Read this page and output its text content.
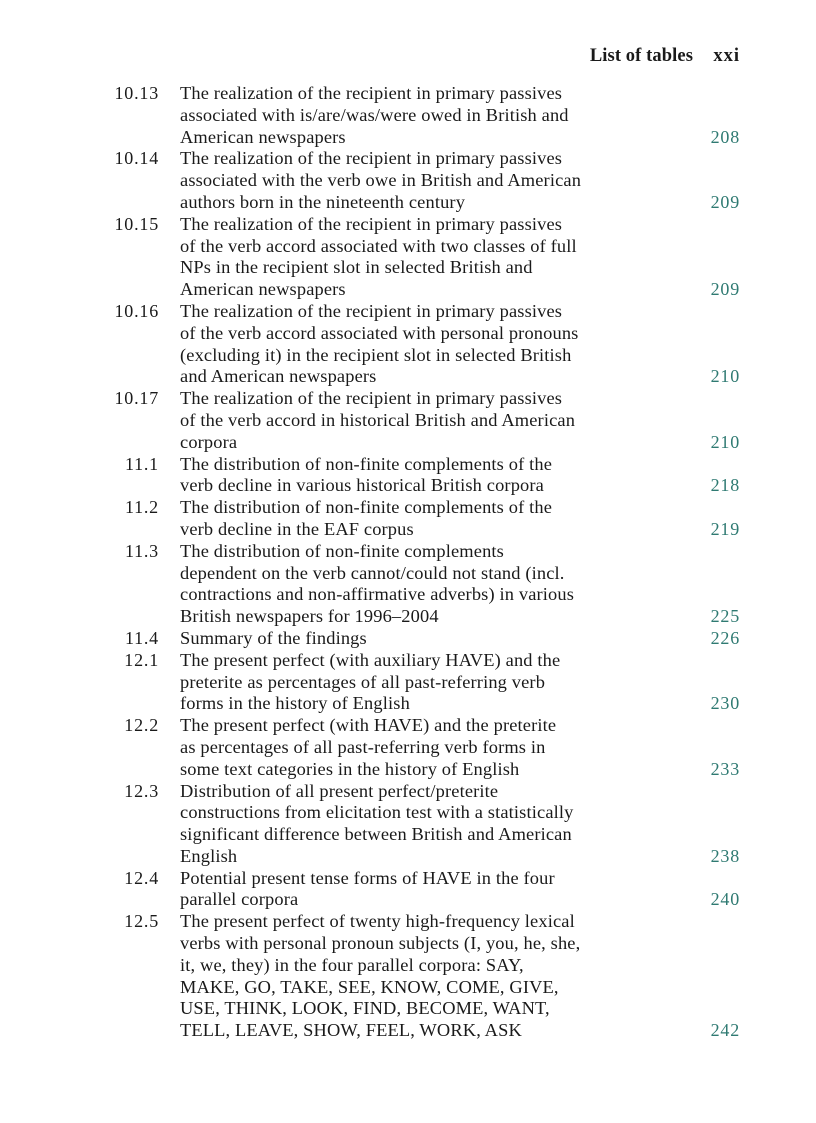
List of tables xxi
10.13 The realization of the recipient in primary passives
associated with is/are/was/were owed in British and
American newspapers	208
10.14 The realization of the recipient in primary passives
associated with the verb owe in British and American
authors born in the nineteenth century	209
10.15 The realization of the recipient in primary passives
of the verb accord associated with two classes of full
NPs in the recipient slot in selected British and
American newspapers	209
10.16 The realization of the recipient in primary passives
of the verb accord associated with personal pronouns
(excluding it) in the recipient slot in selected British
and American newspapers	210
10.17 The realization of the recipient in primary passives
of the verb accord in historical British and American
corpora	210
11.1 The distribution of non-finite complements of the
verb decline in various historical British corpora	218
11.2 The distribution of non-finite complements of the
verb decline in the EAF corpus	219
11.3 The distribution of non-finite complements
dependent on the verb cannot/could not stand (incl.
contractions and non-affirmative adverbs) in various
British newspapers for 1996–2004	225
11.4 Summary of the findings	226
12.1 The present perfect (with auxiliary HAVE) and the
preterite as percentages of all past-referring verb
forms in the history of English	230
12.2 The present perfect (with HAVE) and the preterite
as percentages of all past-referring verb forms in
some text categories in the history of English	233
12.3 Distribution of all present perfect/preterite
constructions from elicitation test with a statistically
significant difference between British and American
English	238
12.4 Potential present tense forms of HAVE in the four
parallel corpora	240
12.5 The present perfect of twenty high-frequency lexical
verbs with personal pronoun subjects (I, you, he, she,
it, we, they) in the four parallel corpora: SAY,
MAKE, GO, TAKE, SEE, KNOW, COME, GIVE,
USE, THINK, LOOK, FIND, BECOME, WANT,
TELL, LEAVE, SHOW, FEEL, WORK, ASK	242
